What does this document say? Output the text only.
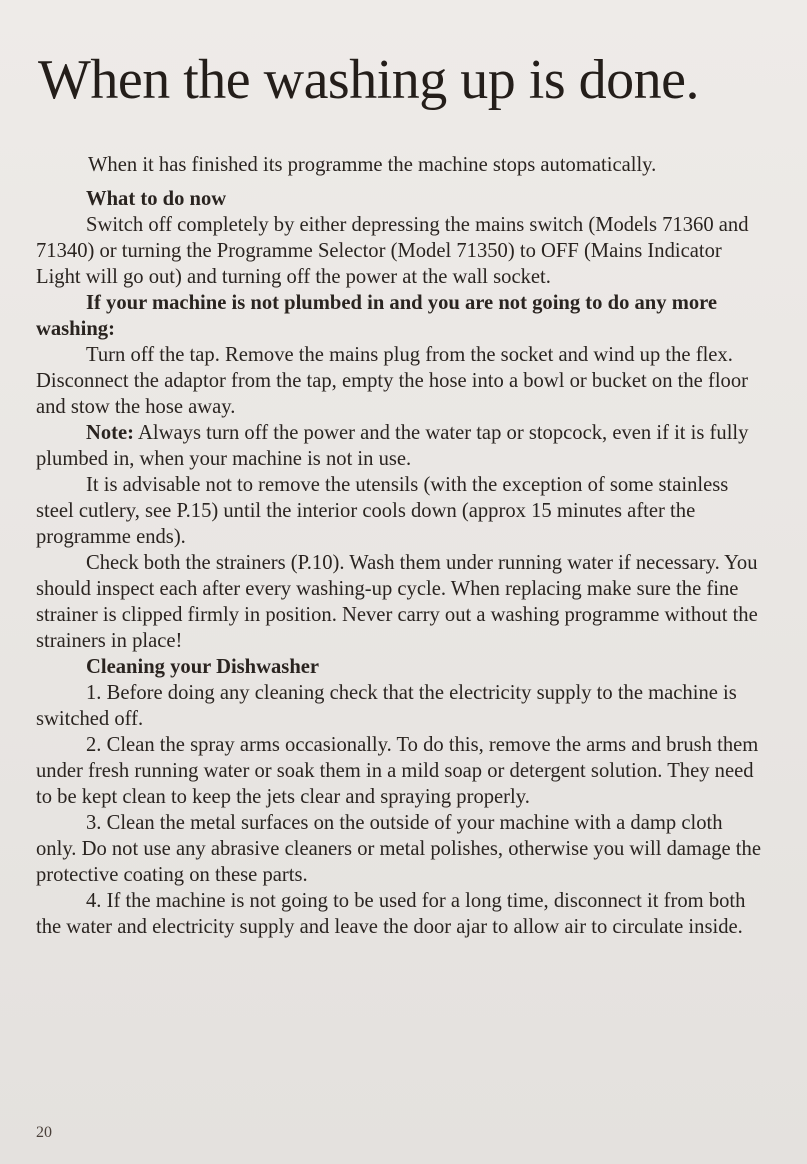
When the washing up is done.

When it has finished its programme the machine stops automatically.

What to do now

Switch off completely by either depressing the mains switch (Models 71360 and 71340) or turning the Programme Selector (Model 71350) to OFF (Mains Indicator Light will go out) and turning off the power at the wall socket.

If your machine is not plumbed in and you are not going to do any more washing:

Turn off the tap. Remove the mains plug from the socket and wind up the flex. Disconnect the adaptor from the tap, empty the hose into a bowl or bucket on the floor and stow the hose away.

Note: Always turn off the power and the water tap or stopcock, even if it is fully plumbed in, when your machine is not in use.

It is advisable not to remove the utensils (with the exception of some stainless steel cutlery, see P.15) until the interior cools down (approx 15 minutes after the programme ends).

Check both the strainers (P.10). Wash them under running water if necessary. You should inspect each after every washing-up cycle. When replacing make sure the fine strainer is clipped firmly in position. Never carry out a washing programme without the strainers in place!

Cleaning your Dishwasher

1. Before doing any cleaning check that the electricity supply to the machine is switched off.

2. Clean the spray arms occasionally. To do this, remove the arms and brush them under fresh running water or soak them in a mild soap or detergent solution. They need to be kept clean to keep the jets clear and spraying properly.

3. Clean the metal surfaces on the outside of your machine with a damp cloth only. Do not use any abrasive cleaners or metal polishes, otherwise you will damage the protective coating on these parts.

4. If the machine is not going to be used for a long time, disconnect it from both the water and electricity supply and leave the door ajar to allow air to circulate inside.

20
